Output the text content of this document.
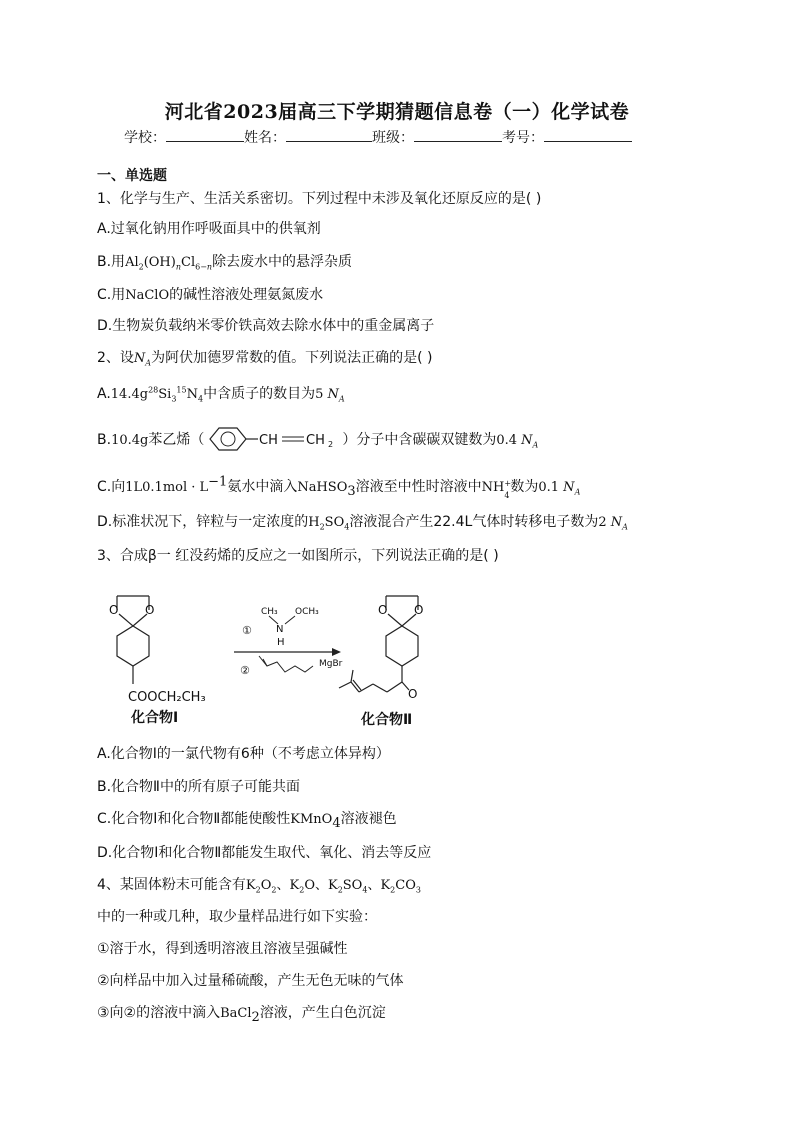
河北省2023届高三下学期猜题信息卷（一）化学试卷
学校：	姓名：	班级：	考号：
一、单选题
1、化学与生产、生活关系密切。下列过程中未涉及氧化还原反应的是( )
A.过氧化钠用作呼吸面具中的供氧剂
B.用$Al_2(OH)_nCl_{6-n}$除去废水中的悬浮杂质
C.用NaClO的碱性溶液处理氨氮废水
D.生物炭负载纳米零价铁高效去除水体中的重金属离子
2、设$N_A$为阿伏加德罗常数的值。下列说法正确的是( )
$A.14.4g^{28}Si_3^{15}N_4$中含质子的数目为5 $N_A$
B.10.4g苯乙烯（	CH CH 2 ）分子中含碳碳双键数为0.4 $N_A$
C.向$1L0.1mol \cdot L^{-1}$氨水中滴入NaHSO$_3$溶液至中性时溶液中NH +
4
数为0.1 $N_A$
D.标准状况下，锌粒与一定浓度的$H_2SO_4$溶液混合产生22.4L气体时转移电子数为2 $N_A$
3、合成β一 红没药烯的反应之一如图所示，下列说法正确的是( )
O O
COOCH₂CH₃
化合物Ⅰ
①
CH₃ OCH₃
N
H
②	MgBr
O O
O
化合物Ⅱ
A.化合物Ⅰ的一氯代物有6种（不考虑立体异构）
B.化合物Ⅱ中的所有原子可能共面
C.化合物Ⅰ和化合物Ⅱ都能使酸性KMnO$_4$溶液褪色
D.化合物Ⅰ和化合物Ⅱ都能发生取代、氧化、消去等反应
4、某固体粉末可能含有$K_2O_2$、$K_2O$、$K_2SO_4$、$K_2CO_3$
中的一种或几种，取少量样品进行如下实验：
①溶于水，得到透明溶液且溶液呈强碱性
②向样品中加入过量稀硫酸，产生无色无味的气体
③向②的溶液中滴入BaCl$_2$溶液，产生白色沉淀
